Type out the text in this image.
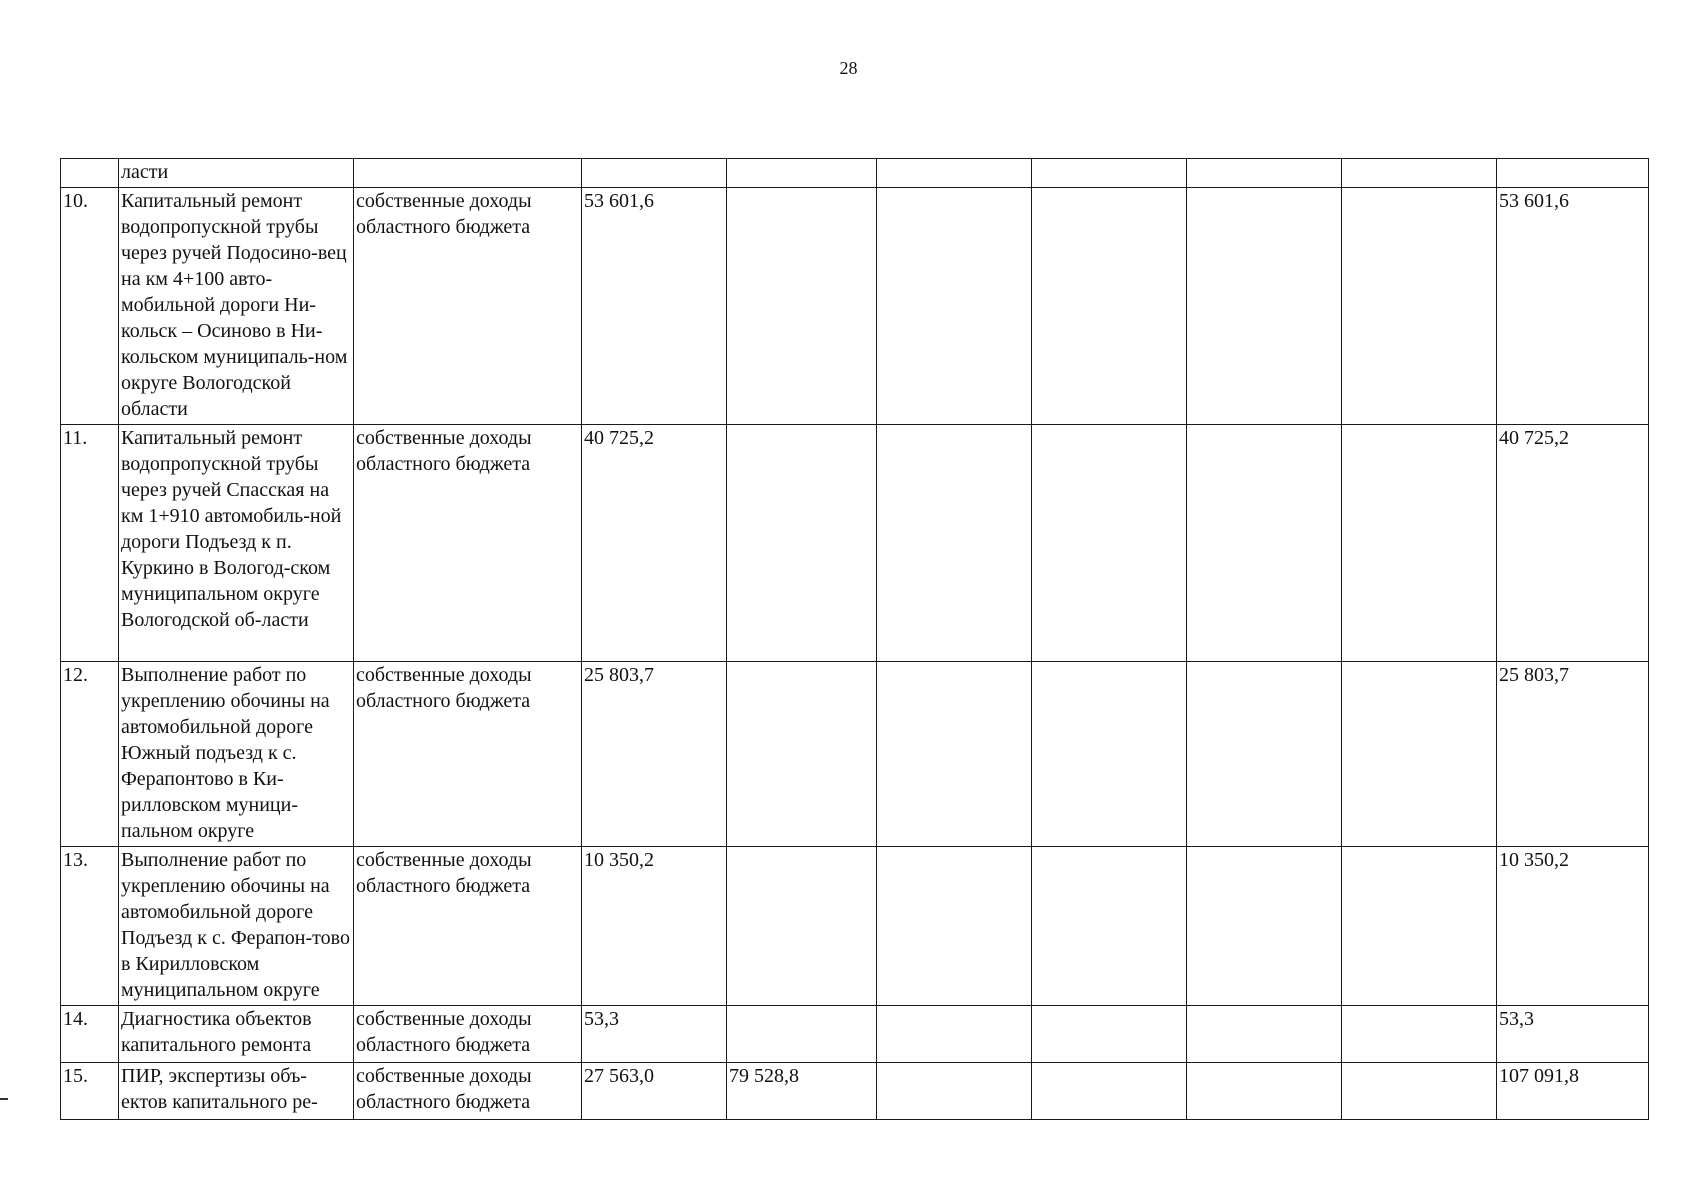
28
	ласти								
10.	Капитальный ремонт водопропускной трубы через ручей Подосино-вец на км 4+100 авто-мобильной дороги Ни-кольск – Осиново в Ни-кольском муниципаль-ном округе Вологодской области	собственные доходы областного бюджета	53 601,6						53 601,6
11.	Капитальный ремонт водопропускной трубы через ручей Спасская на км 1+910 автомобиль-ной дороги Подъезд к п. Куркино в Вологод-ском муниципальном округе Вологодской об-ласти	собственные доходы областного бюджета	40 725,2						40 725,2
12.	Выполнение работ по укреплению обочины на автомобильной дороге Южный подъезд к с. Ферапонтово в Ки-рилловском муници-пальном округе	собственные доходы областного бюджета	25 803,7						25 803,7
13.	Выполнение работ по укреплению обочины на автомобильной дороге Подъезд к с. Ферапон-тово в Кирилловском муниципальном округе	собственные доходы областного бюджета	10 350,2						10 350,2
14.	Диагностика объектов капитального ремонта	собственные доходы областного бюджета	53,3						53,3
15.	ПИР, экспертизы объ-ектов капитального ре-	собственные доходы областного бюджета	27 563,0	79 528,8					107 091,8
